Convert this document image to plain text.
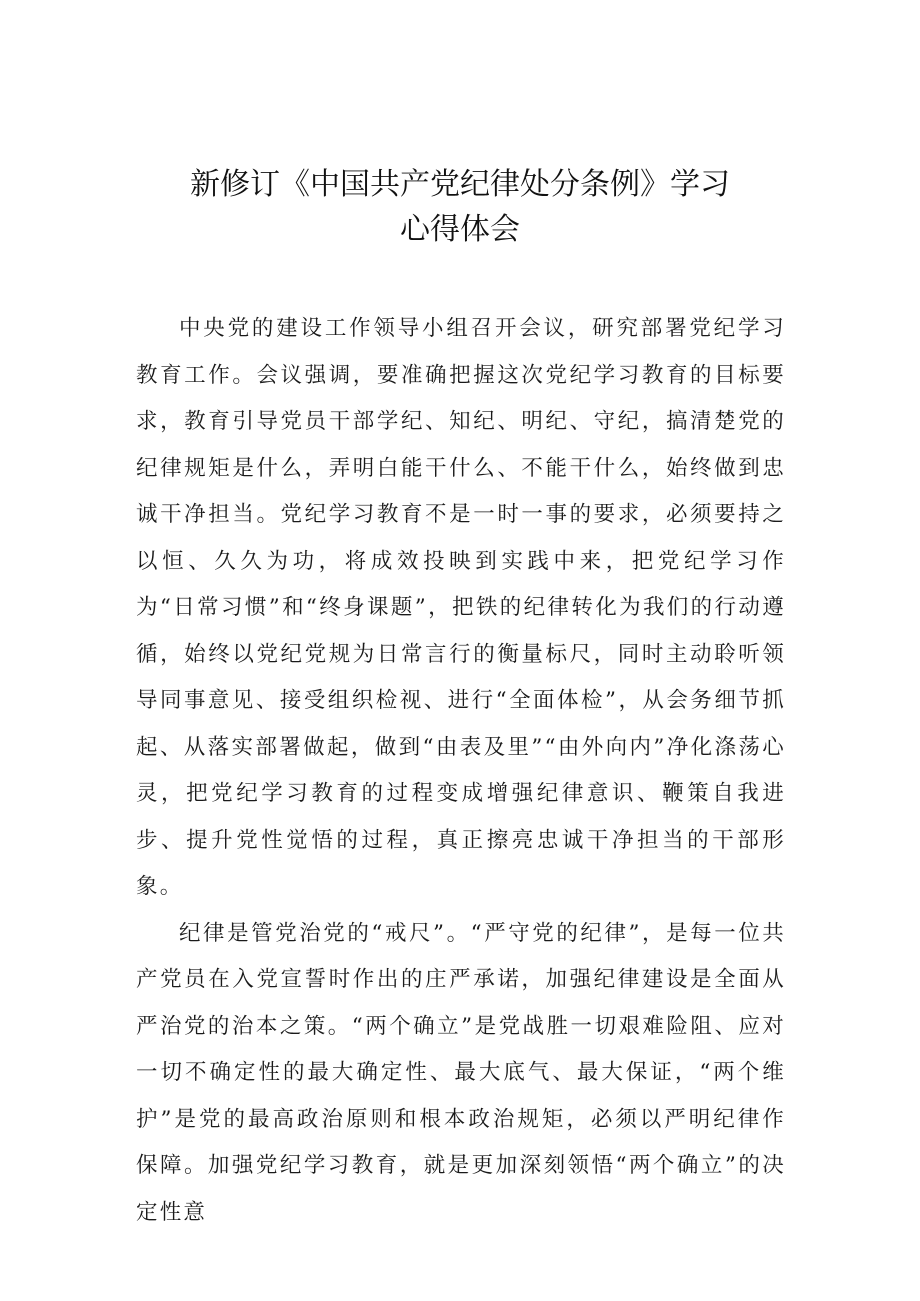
新修订《中国共产党纪律处分条例》学习
心得体会

中央党的建设工作领导小组召开会议，研究部署党纪学习教育工作。会议强调，要准确把握这次党纪学习教育的目标要求，教育引导党员干部学纪、知纪、明纪、守纪，搞清楚党的纪律规矩是什么，弄明白能干什么、不能干什么，始终做到忠诚干净担当。党纪学习教育不是一时一事的要求，必须要持之以恒、久久为功，将成效投映到实践中来，把党纪学习作为“日常习惯”和“终身课题”，把铁的纪律转化为我们的行动遵循，始终以党纪党规为日常言行的衡量标尺，同时主动聆听领导同事意见、接受组织检视、进行“全面体检”，从会务细节抓起、从落实部署做起，做到“由表及里”“由外向内”净化涤荡心灵，把党纪学习教育的过程变成增强纪律意识、鞭策自我进步、提升党性觉悟的过程，真正擦亮忠诚干净担当的干部形象。

纪律是管党治党的“戒尺”。“严守党的纪律”，是每一位共产党员在入党宣誓时作出的庄严承诺，加强纪律建设是全面从严治党的治本之策。“两个确立”是党战胜一切艰难险阻、应对一切不确定性的最大确定性、最大底气、最大保证，“两个维护”是党的最高政治原则和根本政治规矩，必须以严明纪律作保障。加强党纪学习教育，就是更加深刻领悟“两个确立”的决定性意
